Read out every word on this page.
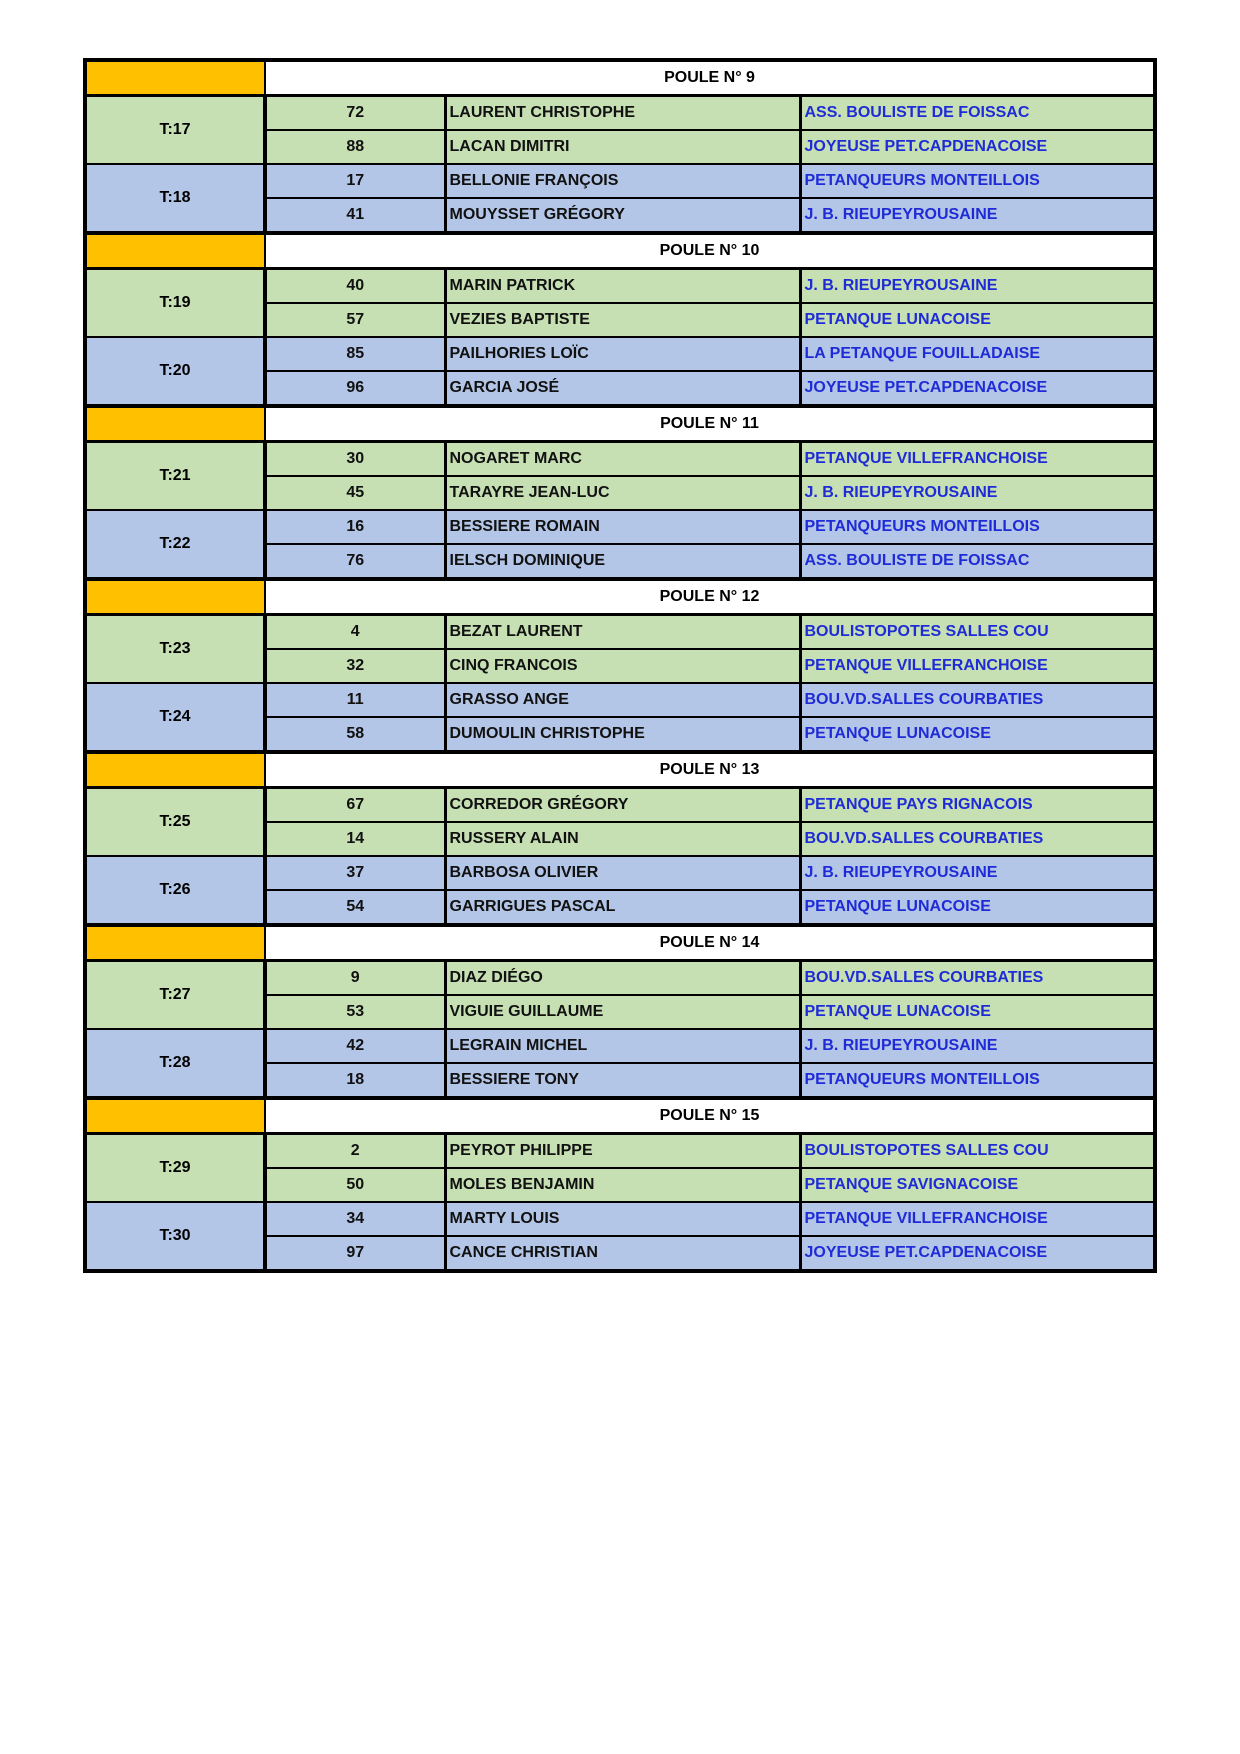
	POULE N° 9		
T:17	72	LAURENT CHRISTOPHE	ASS. BOULISTE DE FOISSAC
	88	LACAN DIMITRI	JOYEUSE PET.CAPDENACOISE
T:18	17	BELLONIE FRANÇOIS	PETANQUEURS MONTEILLOIS
	41	MOUYSSET GRÉGORY	J. B. RIEUPEYROUSAINE
	POULE N° 10		
T:19	40	MARIN PATRICK	J. B. RIEUPEYROUSAINE
	57	VEZIES BAPTISTE	PETANQUE LUNACOISE
T:20	85	PAILHORIES LOÏC	LA PETANQUE FOUILLADAISE
	96	GARCIA JOSÉ	JOYEUSE PET.CAPDENACOISE
	POULE N° 11		
T:21	30	NOGARET MARC	PETANQUE VILLEFRANCHOISE
	45	TARAYRE JEAN-LUC	J. B. RIEUPEYROUSAINE
T:22	16	BESSIERE ROMAIN	PETANQUEURS MONTEILLOIS
	76	IELSCH DOMINIQUE	ASS. BOULISTE DE FOISSAC
	POULE N° 12		
T:23	4	BEZAT LAURENT	BOULISTOPOTES SALLES COU
	32	CINQ FRANCOIS	PETANQUE VILLEFRANCHOISE
T:24	11	GRASSO ANGE	BOU.VD.SALLES COURBATIES
	58	DUMOULIN CHRISTOPHE	PETANQUE LUNACOISE
	POULE N° 13		
T:25	67	CORREDOR GRÉGORY	PETANQUE PAYS RIGNACOIS
	14	RUSSERY ALAIN	BOU.VD.SALLES COURBATIES
T:26	37	BARBOSA OLIVIER	J. B. RIEUPEYROUSAINE
	54	GARRIGUES PASCAL	PETANQUE LUNACOISE
	POULE N° 14		
T:27	9	DIAZ DIÉGO	BOU.VD.SALLES COURBATIES
	53	VIGUIE GUILLAUME	PETANQUE LUNACOISE
T:28	42	LEGRAIN MICHEL	J. B. RIEUPEYROUSAINE
	18	BESSIERE TONY	PETANQUEURS MONTEILLOIS
	POULE N° 15		
T:29	2	PEYROT PHILIPPE	BOULISTOPOTES SALLES COU
	50	MOLES BENJAMIN	PETANQUE SAVIGNACOISE
T:30	34	MARTY LOUIS	PETANQUE VILLEFRANCHOISE
	97	CANCE CHRISTIAN	JOYEUSE PET.CAPDENACOISE
